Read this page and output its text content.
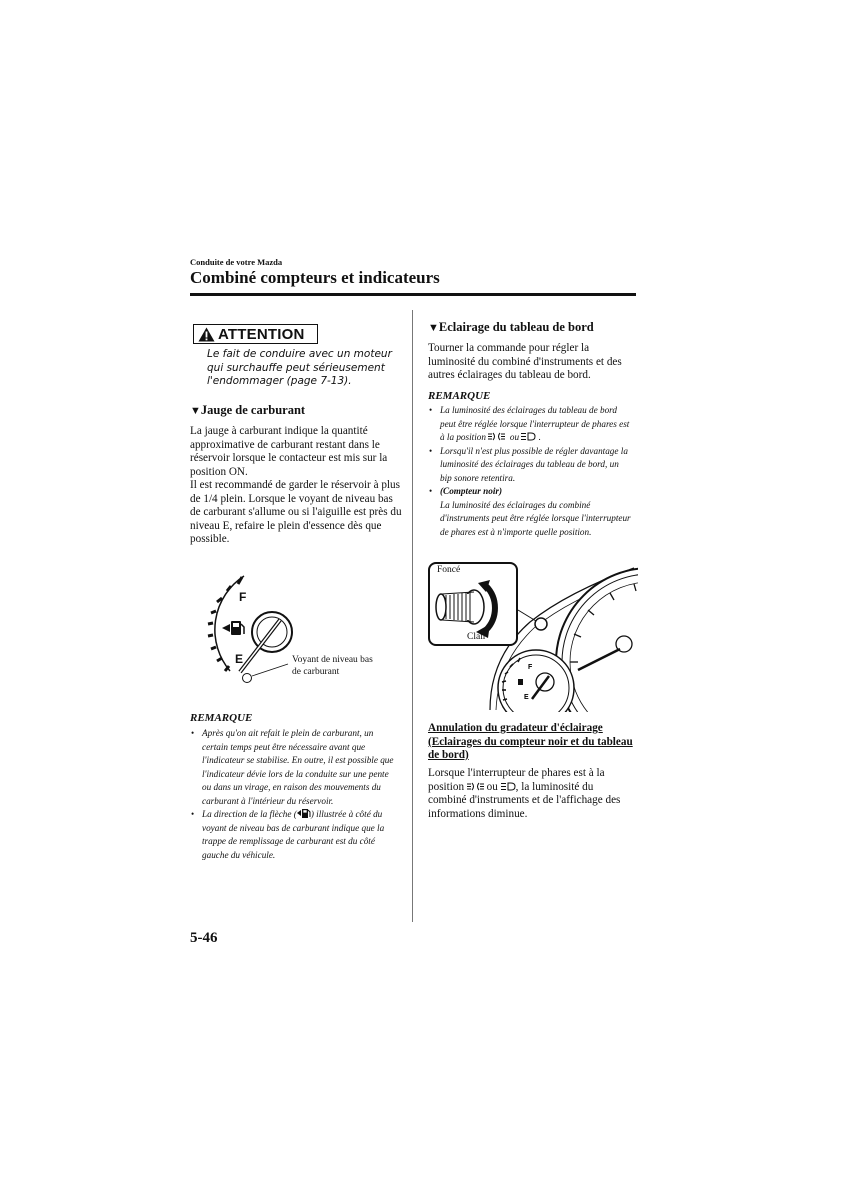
Conduite de votre Mazda
Combiné compteurs et indicateurs
ATTENTION
Le fait de conduire avec un moteur qui surchauffe peut sérieusement l'endommager (page 7-13).
▼Jauge de carburant
La jauge à carburant indique la quantité approximative de carburant restant dans le réservoir lorsque le contacteur est mis sur la position ON.
Il est recommandé de garder le réservoir à plus de 1/4 plein. Lorsque le voyant de niveau bas de carburant s'allume ou si l'aiguille est près du niveau E, refaire le plein d'essence dès que possible.
F
E	Voyant de niveau bas de carburant
REMARQUE
• Après qu'on ait refait le plein de carburant, un certain temps peut être nécessaire avant que l'indicateur se stabilise. En outre, il est possible que l'indicateur dévie lors de la conduite sur une pente ou dans un virage, en raison des mouvements du carburant à l'intérieur du réservoir.
• La direction de la flèche ( ) illustrée à côté du voyant de niveau bas de carburant indique que la trappe de remplissage de carburant est du côté gauche du véhicule.
▼Eclairage du tableau de bord
Tourner la commande pour régler la luminosité du combiné d'instruments et des autres éclairages du tableau de bord.
REMARQUE
• La luminosité des éclairages du tableau de bord peut être réglée lorsque l'interrupteur de phares est à la position	ou .
• Lorsqu'il n'est plus possible de régler davantage la luminosité des éclairages du tableau de bord, un bip sonore retentira.
• (Compteur noir)
La luminosité des éclairages du combiné d'instruments peut être réglée lorsque l'interrupteur de phares est à n'importe quelle position.
F
E
Foncé
Clair
Annulation du gradateur d'éclairage (Eclairages du compteur noir et du tableau de bord)
Lorsque l'interrupteur de phares est à la position ou , la luminosité du combiné d'instruments et de l'affichage des informations diminue.
5-46
